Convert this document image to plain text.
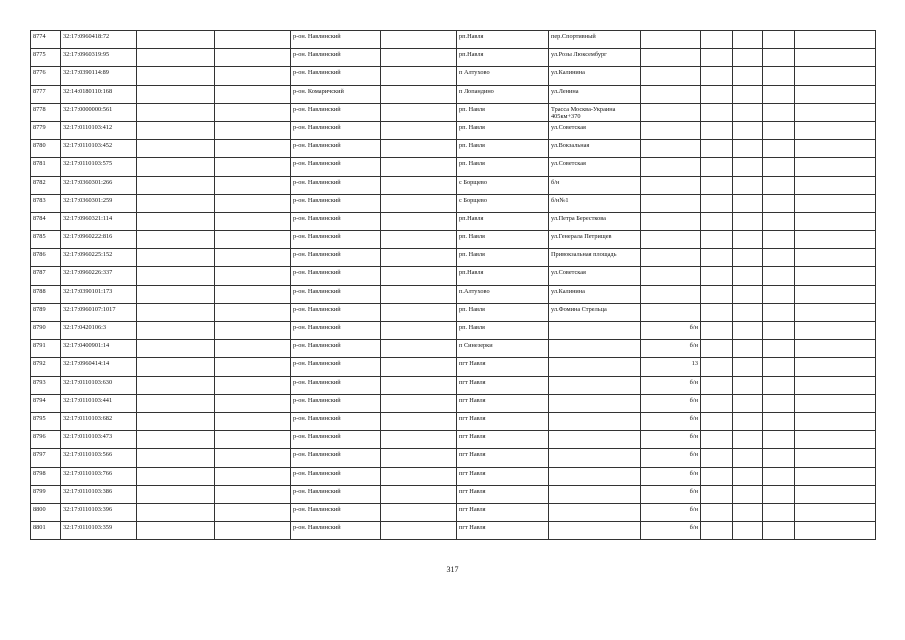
8774	32:17:0960418:72			р-он. Навлинский		рп.Навля	пер.Спортивный					
8775	32:17:0960319:95			р-он. Навлинский		рп.Навля	ул.Розы Люксембург					
8776	32:17:0390114:89			р-он. Навлинский		п Алтухово	ул.Калинина					
8777	32:14:0180110:168			р-он. Комаричский		п Лопандино	ул.Ленина					
8778	32:17:0000000:561			р-он. Навлинский		рп. Навля	Трасса Москва-Украина 405км+370					
8779	32:17:0110103:412			р-он. Навлинский		рп. Навля	ул.Советская					
8780	32:17:0110103:452			р-он. Навлинский		рп. Навля	ул.Вокзальная					
8781	32:17:0110103:575			р-он. Навлинский		рп. Навля	ул.Советская					
8782	32:17:0360301:266			р-он. Навлинский		с Борщево	б/н					
8783	32:17:0360301:259			р-он. Навлинский		с Борщево	б/н№1					
8784	32:17:0960321:114			р-он. Навлинский		рп.Навля	ул.Петра Бересткова					
8785	32:17:0960222:816			р-он. Навлинский		рп. Навля	ул.Генерала Петрищев					
8786	32:17:0960225:152			р-он. Навлинский		рп. Навля	Привокзальная площадь					
8787	32:17:0960226:337			р-он. Навлинский		рп.Навля	ул.Советская					
8788	32:17:0390101:173			р-он. Навлинский		п.Алтухово	ул.Калинина					
8789	32:17:0960107:1017			р-он. Навлинский		рп. Навля	ул.Фомина Стрельца					
8790	32:17:0420106:3			р-он. Навлинский		рп. Навля		б/н				
8791	32:17:0400901:14			р-он. Навлинский		п Синезерки		б/н				
8792	32:17:0960414:14			р-он. Навлинский		пгт Навля		13				
8793	32:17:0110103:630			р-он. Навлинский		пгт Навля		б/н				
8794	32:17:0110103:441			р-он. Навлинский		пгт Навля		б/н				
8795	32:17:0110103:682			р-он. Навлинский		пгт Навля		б/н				
8796	32:17:0110103:473			р-он. Навлинский		пгт Навля		б/н				
8797	32:17:0110103:566			р-он. Навлинский		пгт Навля		б/н				
8798	32:17:0110103:766			р-он. Навлинский		пгт Навля		б/н				
8799	32:17:0110103:386			р-он. Навлинский		пгт Навля		б/н				
8800	32:17:0110103:396			р-он. Навлинский		пгт Навля		б/н				
8801	32:17:0110103:359			р-он. Навлинский		пгт Навля		б/н				
317
